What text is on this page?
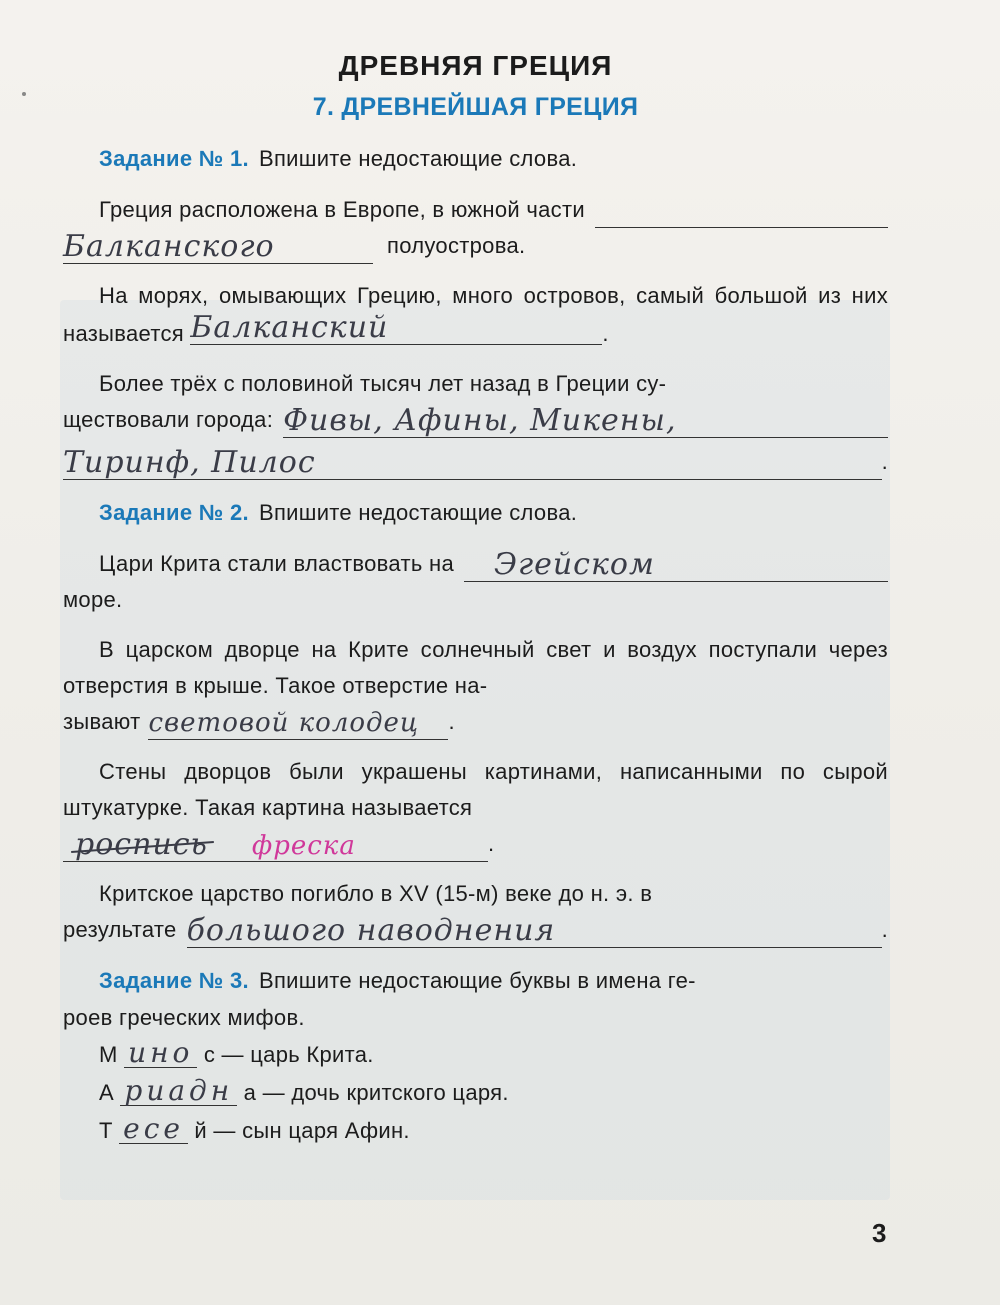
ДРЕВНЯЯ ГРЕЦИЯ
7. ДРЕВНЕЙШАЯ ГРЕЦИЯ
Задание № 1. Впишите недостающие слова.
Греция расположена в Европе, в южной части
Балканского	полуострова.

На морях, омывающих Грецию, много островов, самый большой из них называется Балканский	.

Более трёх с половиной тысяч лет назад в Греции су-
ществовали города: Фивы, Афины, Микены,
Тиринф, Пилос	.
Задание № 2. Впишите недостающие слова.
Цари Крита стали властвовать на	Эгейском
море.

В царском дворце на Крите солнечный свет и воздух поступали через отверстия в крыше. Такое отверстие на-

зывают световой колодец	.

Стены дворцов были украшены картинами, написанными по сырой штукатурке. Такая картина называется

роспись фреска	.
Критское царство погибло в XV (15-м) веке до н. э. в
результате большого наводнения	.
Задание № 3. Впишите недостающие буквы в имена ге-
роев греческих мифов.
М ино с — царь Крита.
А риадн а — дочь критского царя.
Т есе й — сын царя Афин.
3
